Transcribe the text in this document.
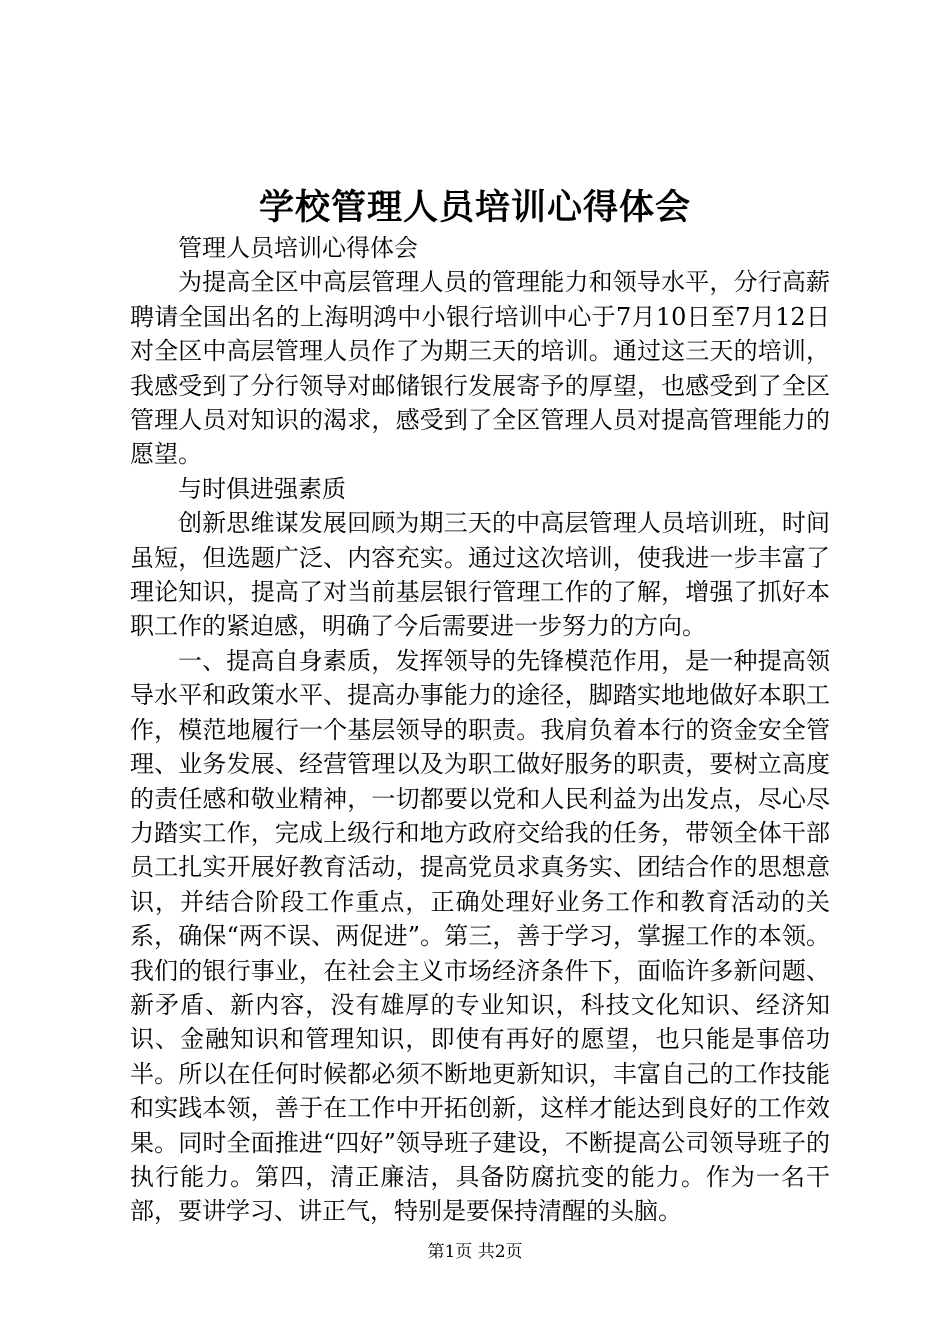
学校管理人员培训心得体会

管理人员培训心得体会

为提高全区中高层管理人员的管理能力和领导水平，分行高薪聘请全国出名的上海明鸿中小银行培训中心于7月10日至7月12日对全区中高层管理人员作了为期三天的培训。通过这三天的培训，我感受到了分行领导对邮储银行发展寄予的厚望，也感受到了全区管理人员对知识的渴求，感受到了全区管理人员对提高管理能力的愿望。

与时俱进强素质

创新思维谋发展回顾为期三天的中高层管理人员培训班，时间虽短，但选题广泛、内容充实。通过这次培训，使我进一步丰富了理论知识，提高了对当前基层银行管理工作的了解，增强了抓好本职工作的紧迫感，明确了今后需要进一步努力的方向。

一、提高自身素质，发挥领导的先锋模范作用，是一种提高领导水平和政策水平、提高办事能力的途径，脚踏实地地做好本职工作，模范地履行一个基层领导的职责。我肩负着本行的资金安全管理、业务发展、经营管理以及为职工做好服务的职责，要树立高度的责任感和敬业精神，一切都要以党和人民利益为出发点，尽心尽力踏实工作，完成上级行和地方政府交给我的任务，带领全体干部员工扎实开展好教育活动，提高党员求真务实、团结合作的思想意识，并结合阶段工作重点，正确处理好业务工作和教育活动的关系，确保“两不误、两促进”。第三，善于学习，掌握工作的本领。我们的银行事业，在社会主义市场经济条件下，面临许多新问题、新矛盾、新内容，没有雄厚的专业知识，科技文化知识、经济知识、金融知识和管理知识，即使有再好的愿望，也只能是事倍功半。所以在任何时候都必须不断地更新知识，丰富自己的工作技能和实践本领，善于在工作中开拓创新，这样才能达到良好的工作效果。同时全面推进“四好”领导班子建设，不断提高公司领导班子的执行能力。第四，清正廉洁，具备防腐抗变的能力。作为一名干部，要讲学习、讲正气，特别是要保持清醒的头脑。

第1页 共2页
